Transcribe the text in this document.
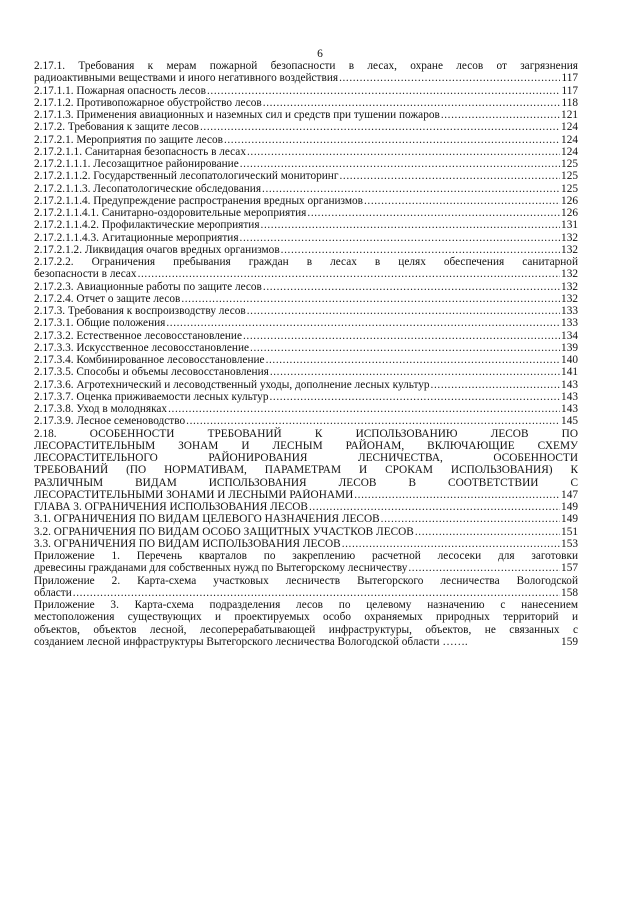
6
2.17.1. Требования к мерам пожарной безопасности в лесах, охране лесов от загрязнения
радиоактивными веществами и иного негативного воздействия .....	117
2.17.1.1. Пожарная опасность лесов .....	117
2.17.1.2. Противопожарное обустройство лесов .....	118
2.17.1.3. Применения авиационных и наземных сил и средств при тушении пожаров .....	121
2.17.2. Требования к защите лесов .....	124
2.17.2.1. Мероприятия по защите лесов .....	124
2.17.2.1.1. Санитарная безопасность в лесах .....	124
2.17.2.1.1.1. Лесозащитное районирование .....	125
2.17.2.1.1.2. Государственный лесопатологический мониторинг .....	125
2.17.2.1.1.3. Лесопатологические обследования .....	125
2.17.2.1.1.4. Предупреждение распространения вредных организмов .....	126
2.17.2.1.1.4.1. Санитарно-оздоровительные мероприятия .....	126
2.17.2.1.1.4.2. Профилактические мероприятия .....	131
2.17.2.1.1.4.3. Агитационные мероприятия .....	132
2.17.2.1.2. Ликвидация очагов вредных организмов .....	132
2.17.2.2. Ограничения пребывания граждан в лесах в целях обеспечения санитарной
безопасности в лесах .....	132
2.17.2.3. Авиационные работы по защите лесов .....	132
2.17.2.4. Отчет о защите лесов .....	132
2.17.3. Требования к воспроизводству лесов .....	133
2.17.3.1. Общие положения .....	133
2.17.3.2. Естественное лесовосстановление .....	134
2.17.3.3. Искусственное лесовосстановление .....	139
2.17.3.4. Комбинированное лесовосстановление .....	140
2.17.3.5. Способы и объемы лесовосстановления .....	141
2.17.3.6. Агротехнический и лесоводственный уходы, дополнение лесных культур .....	143
2.17.3.7. Оценка приживаемости лесных культур .....	143
2.17.3.8. Уход в молодняках .....	143
2.17.3.9. Лесное семеноводство .....	145
2.18. ОСОБЕННОСТИ ТРЕБОВАНИЙ К ИСПОЛЬЗОВАНИЮ ЛЕСОВ ПО
ЛЕСОРАСТИТЕЛЬНЫМ ЗОНАМ И ЛЕСНЫМ РАЙОНАМ, ВКЛЮЧАЮЩИЕ СХЕМУ
ЛЕСОРАСТИТЕЛЬНОГО РАЙОНИРОВАНИЯ ЛЕСНИЧЕСТВА, ОСОБЕННОСТИ
ТРЕБОВАНИЙ (ПО НОРМАТИВАМ, ПАРАМЕТРАМ И СРОКАМ ИСПОЛЬЗОВАНИЯ) К
РАЗЛИЧНЫМ ВИДАМ ИСПОЛЬЗОВАНИЯ ЛЕСОВ В СООТВЕТСТВИИ С
ЛЕСОРАСТИТЕЛЬНЫМИ ЗОНАМИ И ЛЕСНЫМИ РАЙОНАМИ .....	147
ГЛАВА 3. ОГРАНИЧЕНИЯ ИСПОЛЬЗОВАНИЯ ЛЕСОВ .....	149
3.1. ОГРАНИЧЕНИЯ ПО ВИДАМ ЦЕЛЕВОГО НАЗНАЧЕНИЯ ЛЕСОВ .....	149
3.2. ОГРАНИЧЕНИЯ ПО ВИДАМ ОСОБО ЗАЩИТНЫХ УЧАСТКОВ ЛЕСОВ .....	151
3.3. ОГРАНИЧЕНИЯ ПО ВИДАМ ИСПОЛЬЗОВАНИЯ ЛЕСОВ .....	153
Приложение 1. Перечень кварталов по закреплению расчетной лесосеки для заготовки
древесины гражданами для собственных нужд по Вытегорскому лесничеству .....	157
Приложение 2. Карта-схема участковых лесничеств Вытегорского лесничества Вологодской
области .....	158
Приложение 3. Карта-схема подразделения лесов по целевому назначению с нанесением
местоположения существующих и проектируемых особо охраняемых природных территорий и
объектов, объектов лесной, лесоперерабатывающей инфраструктуры, объектов, не связанных с
созданием лесной инфраструктуры Вытегорского лесничества Вологодской области …….	159
